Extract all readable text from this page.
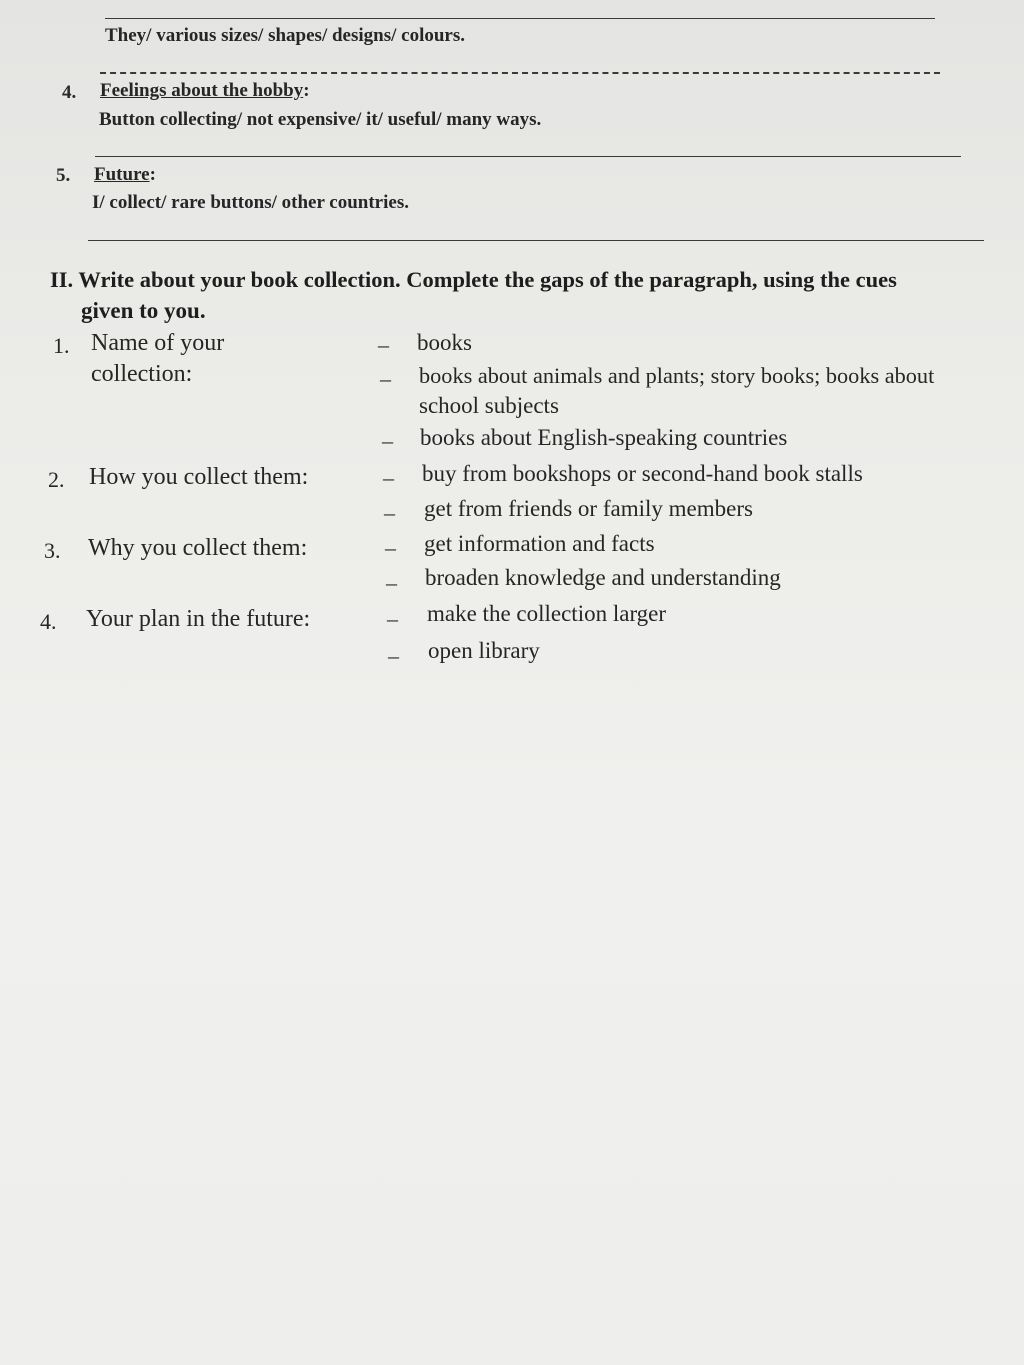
They/ various sizes/ shapes/ designs/ colours.
4. Feelings about the hobby:
Button collecting/ not expensive/ it/ useful/ many ways.
5. Future:
I/ collect/ rare buttons/ other countries.
II. Write about your book collection. Complete the gaps of the paragraph, using the cues
given to you.
1. Name of your
collection:
– books
– books about animals and plants; story books; books about
school subjects
– books about English-speaking countries
2. How you collect them:	– buy from bookshops or second-hand book stalls
– get from friends or family members
3. Why you collect them:	– get information and facts
– broaden knowledge and understanding
4. Your plan in the future:	– make the collection larger
– open library
